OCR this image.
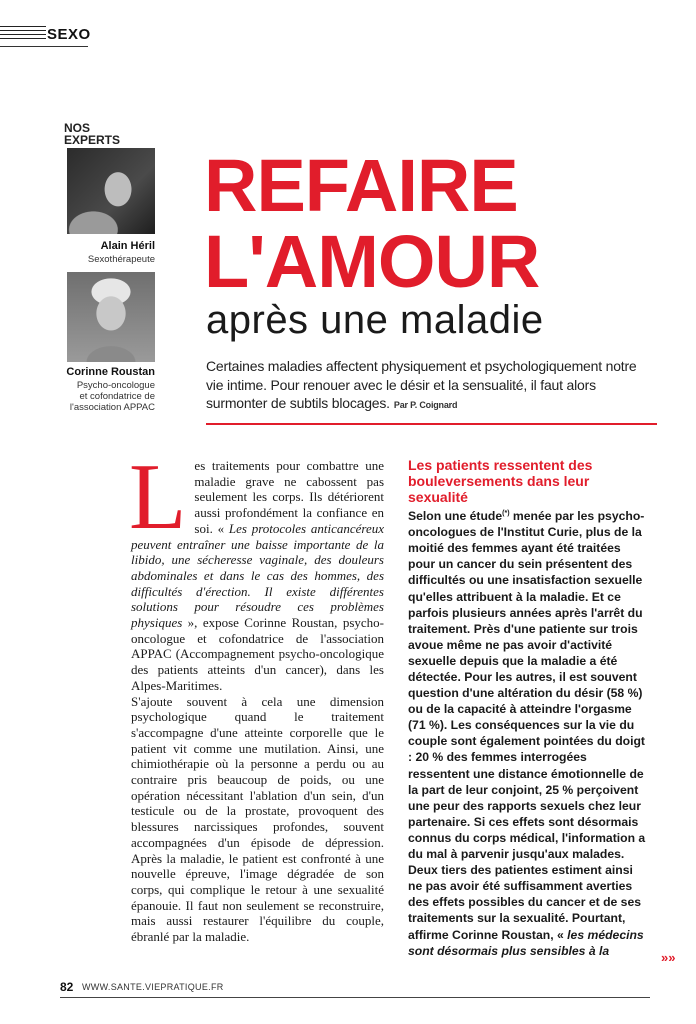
SEXO
NOS
EXPERTS
Alain Héril
Sexothérapeute
Corinne Roustan
Psycho-oncologue
et cofondatrice de
l'association APPAC
REFAIRE
L'AMOUR
après une maladie
Certaines maladies affectent physiquement et psychologiquement notre vie intime. Pour renouer avec le désir et la sensualité, il faut alors surmonter de subtils blocages. Par P. Coignard

Les traitements pour combattre une maladie grave ne cabossent pas seulement les corps. Ils détériorent aussi profondément la confiance en soi. « Les protocoles anticancéreux peuvent entraîner une baisse importante de la libido, une sécheresse vaginale, des douleurs abdominales et dans le cas des hommes, des difficultés d'érection. Il existe différentes solutions pour résoudre ces problèmes physiques », expose Corinne Roustan, psycho-oncologue et cofondatrice de l'association APPAC (Accompagnement psycho-oncologique des patients atteints d'un cancer), dans les Alpes-Maritimes.

S'ajoute souvent à cela une dimension psychologique quand le traitement s'accompagne d'une atteinte corporelle que le patient vit comme une mutilation. Ainsi, une chimiothérapie où la personne a perdu ou au contraire pris beaucoup de poids, ou une opération nécessitant l'ablation d'un sein, d'un testicule ou de la prostate, provoquent des blessures narcissiques profondes, souvent accompagnées d'un épisode de dépression. Après la maladie, le patient est confronté à une nouvelle épreuve, l'image dégradée de son corps, qui complique le retour à une sexualité épanouie. Il faut non seulement se reconstruire, mais aussi restaurer l'équilibre du couple, ébranlé par la maladie.

Les patients ressentent des bouleversements dans leur sexualité

Selon une étude(*) menée par les psycho-oncologues de l'Institut Curie, plus de la moitié des femmes ayant été traitées pour un cancer du sein présentent des difficultés ou une insatisfaction sexuelle qu'elles attribuent à la maladie. Et ce parfois plusieurs années après l'arrêt du traitement. Près d'une patiente sur trois avoue même ne pas avoir d'activité sexuelle depuis que la maladie a été détectée. Pour les autres, il est souvent question d'une altération du désir (58 %) ou de la capacité à atteindre l'orgasme (71 %). Les conséquences sur la vie du couple sont également pointées du doigt : 20 % des femmes interrogées ressentent une distance émotionnelle de la part de leur conjoint, 25 % perçoivent une peur des rapports sexuels chez leur partenaire. Si ces effets sont désormais connus du corps médical, l'information a du mal à parvenir jusqu'aux malades. Deux tiers des patientes estiment ainsi ne pas avoir été suffisamment averties des effets possibles du cancer et de ses traitements sur la sexualité. Pourtant, affirme Corinne Roustan, « les médecins sont désormais plus sensibles à la	»»
82 WWW.SANTE.VIEPRATIQUE.FR
